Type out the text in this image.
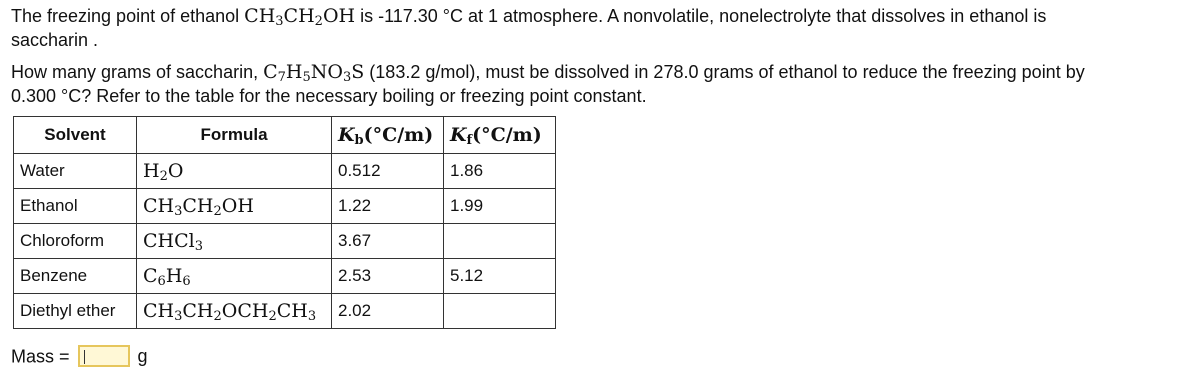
The freezing point of ethanol $CH_3CH_2OH$ is -117.30 °C at 1 atmosphere. A nonvolatile, nonelectrolyte that dissolves in ethanol is
saccharin .

How many grams of saccharin, $C_7H_5NO_3S$ (183.2 g/mol), must be dissolved in 278.0 grams of ethanol to reduce the freezing point by
0.300 °C? Refer to the table for the necessary boiling or freezing point constant.

Solvent	Formula	$K_b(^\circ C/m)$	$K_f(^\circ C/m)$
Water	$H_2O$	0.512	1.86
Ethanol	$CH_3CH_2OH$	1.22	1.99
Chloroform	CHCl$_3$	3.67	
Benzene	$C_6H_6$	2.53	5.12
Diethyl ether	$CH_3CH_2OCH_2CH_3$	2.02	
Mass =	g
